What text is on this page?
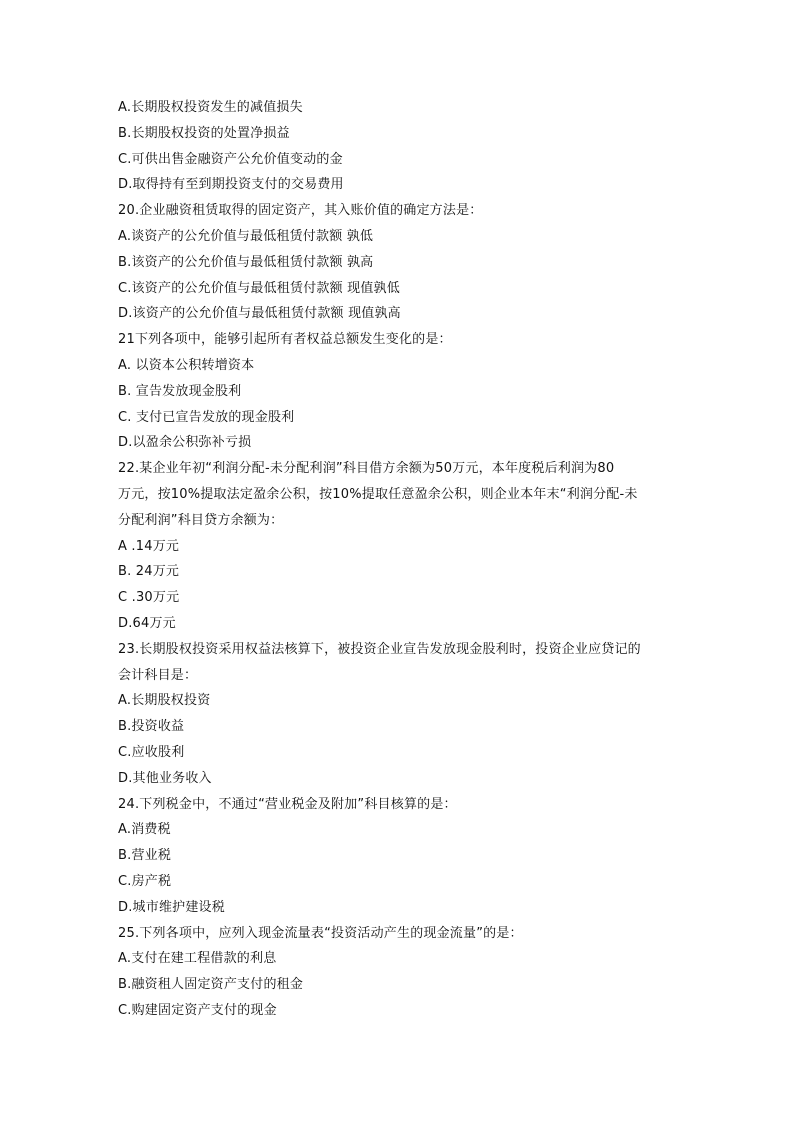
A.长期股权投资发生的减值损失
B.长期股权投资的处置净损益
C.可供出售金融资产公允价值变动的金
D.取得持有至到期投资支付的交易费用
20.企业融资租赁取得的固定资产，其入账价值的确定方法是：
A.谈资产的公允价值与最低租赁付款额 孰低
B.该资产的公允价值与最低租赁付款额 孰高
C.该资产的公允价值与最低租赁付款额 现值孰低
D.该资产的公允价值与最低租赁付款额 现值孰高
21下列各项中，能够引起所有者权益总额发生变化的是：
A. 以资本公积转增资本
B. 宣告发放现金股利
C. 支付已宣告发放的现金股利
D.以盈余公积弥补亏损
22.某企业年初“利润分配-未分配利润”科目借方余额为50万元，本年度税后利润为80
万元，按10%提取法定盈余公积，按10%提取任意盈余公积，则企业本年末“利润分配-未
分配利润”科目贷方余额为：
A .14万元
B. 24万元
C .30万元
D.64万元
23.长期股权投资采用权益法核算下，被投资企业宣告发放现金股利时，投资企业应贷记的
会计科目是：
A.长期股权投资
B.投资收益
C.应收股利
D.其他业务收入
24.下列税金中，不通过“营业税金及附加”科目核算的是：
A.消费税
B.营业税
C.房产税
D.城市维护建设税
25.下列各项中，应列入现金流量表“投资活动产生的现金流量”的是：
A.支付在建工程借款的利息
B.融资租人固定资产支付的租金
C.购建固定资产支付的现金
